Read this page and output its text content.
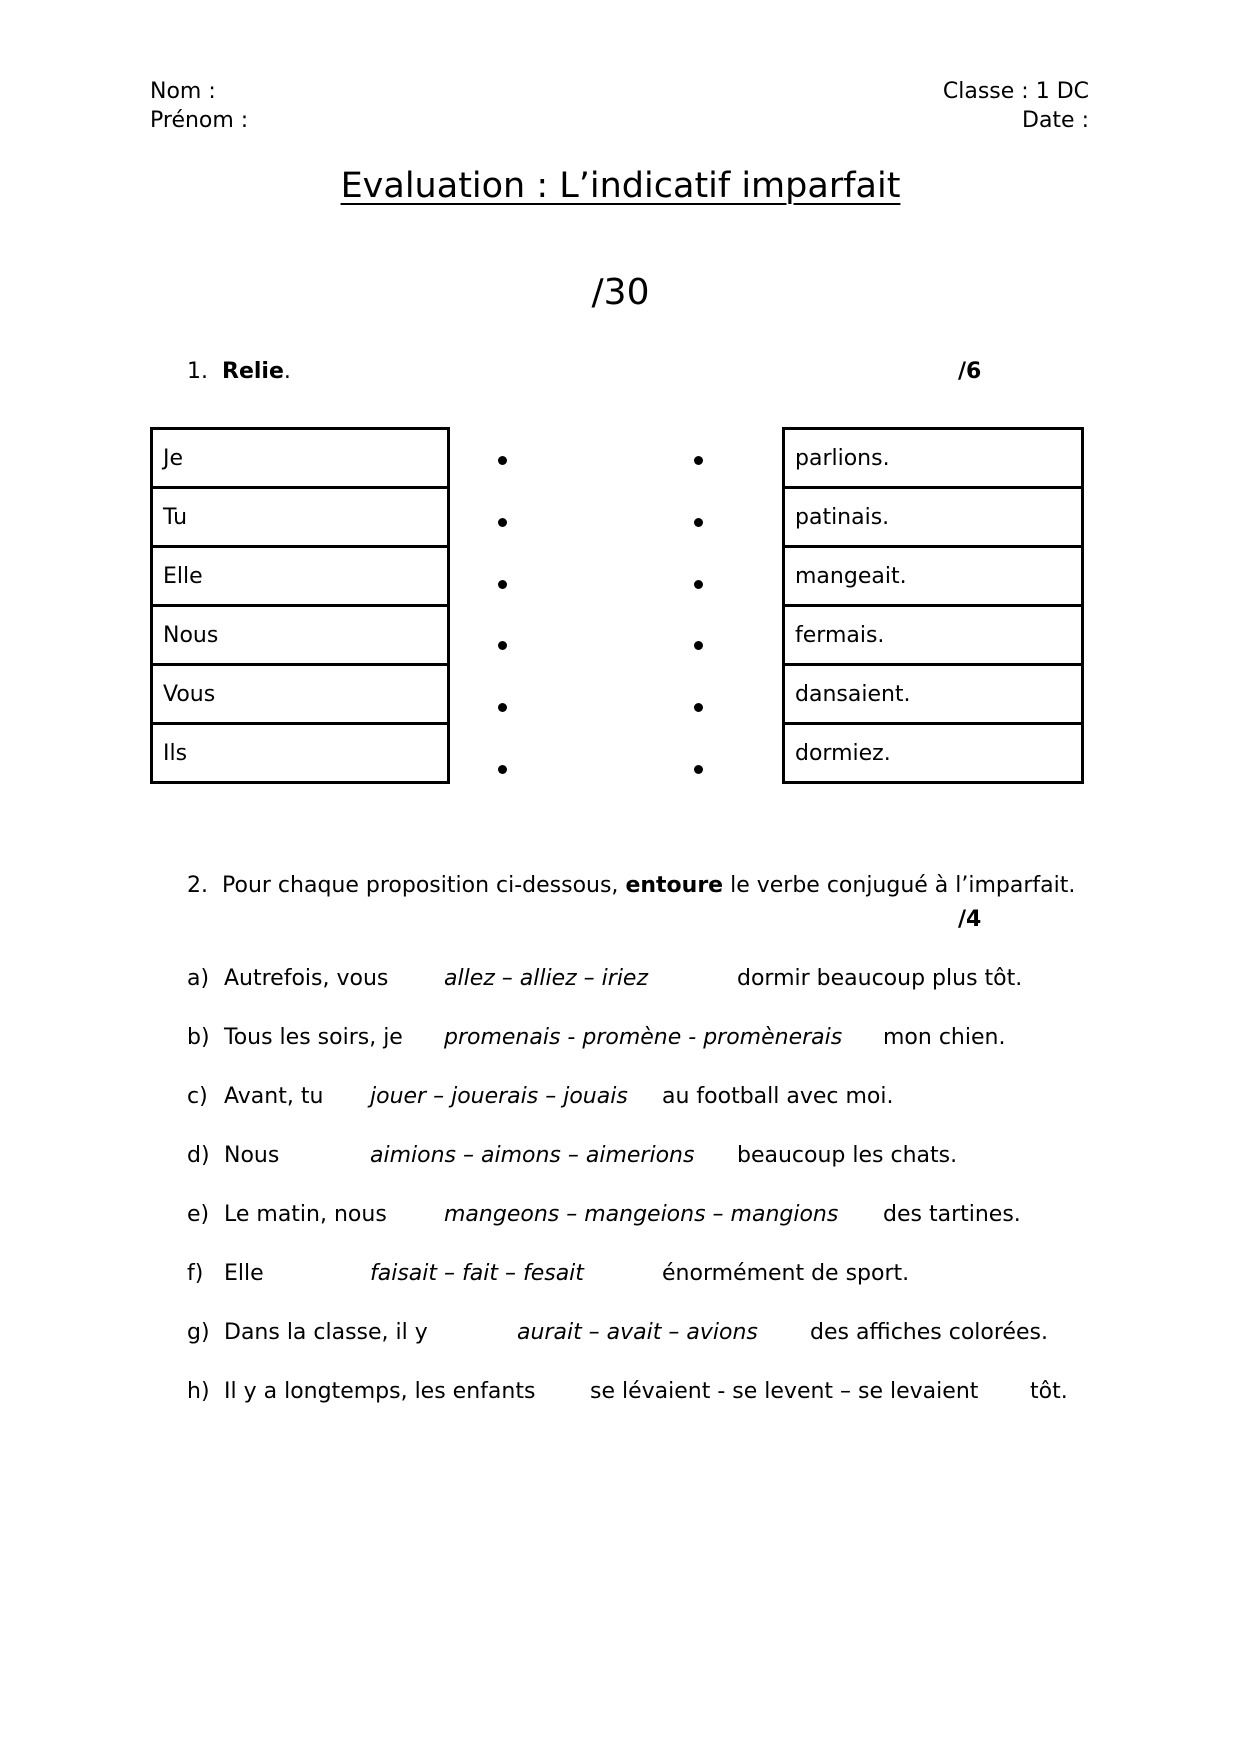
Nom :
Prénom :
Classe : 1 DC
Date :
Evaluation : L’indicatif imparfait
/30
1. Relie.	/6
Je
Tu
Elle
Nous
Vous
Ils
parlions.
patinais.
mangeait.
fermais.
dansaient.
dormiez.
2. Pour chaque proposition ci-dessous, entoure le verbe conjugué à l’imparfait.
/4
a) Autrefois, vous	allez – alliez – iriez	dormir beaucoup plus tôt.
b) Tous les soirs, je promenais - promène - promènerais mon chien.
c) Avant, tu jouer – jouerais – jouais au football avec moi.
d) Nous	aimions – aimons – aimerions beaucoup les chats.
e) Le matin, nous	mangeons – mangeions – mangions des tartines.
f) Elle	faisait – fait – fesait	énormément de sport.
g) Dans la classe, il y	aurait – avait – avions des affiches colorées.
h) Il y a longtemps, les enfants se lévaient - se levent – se levaient tôt.
